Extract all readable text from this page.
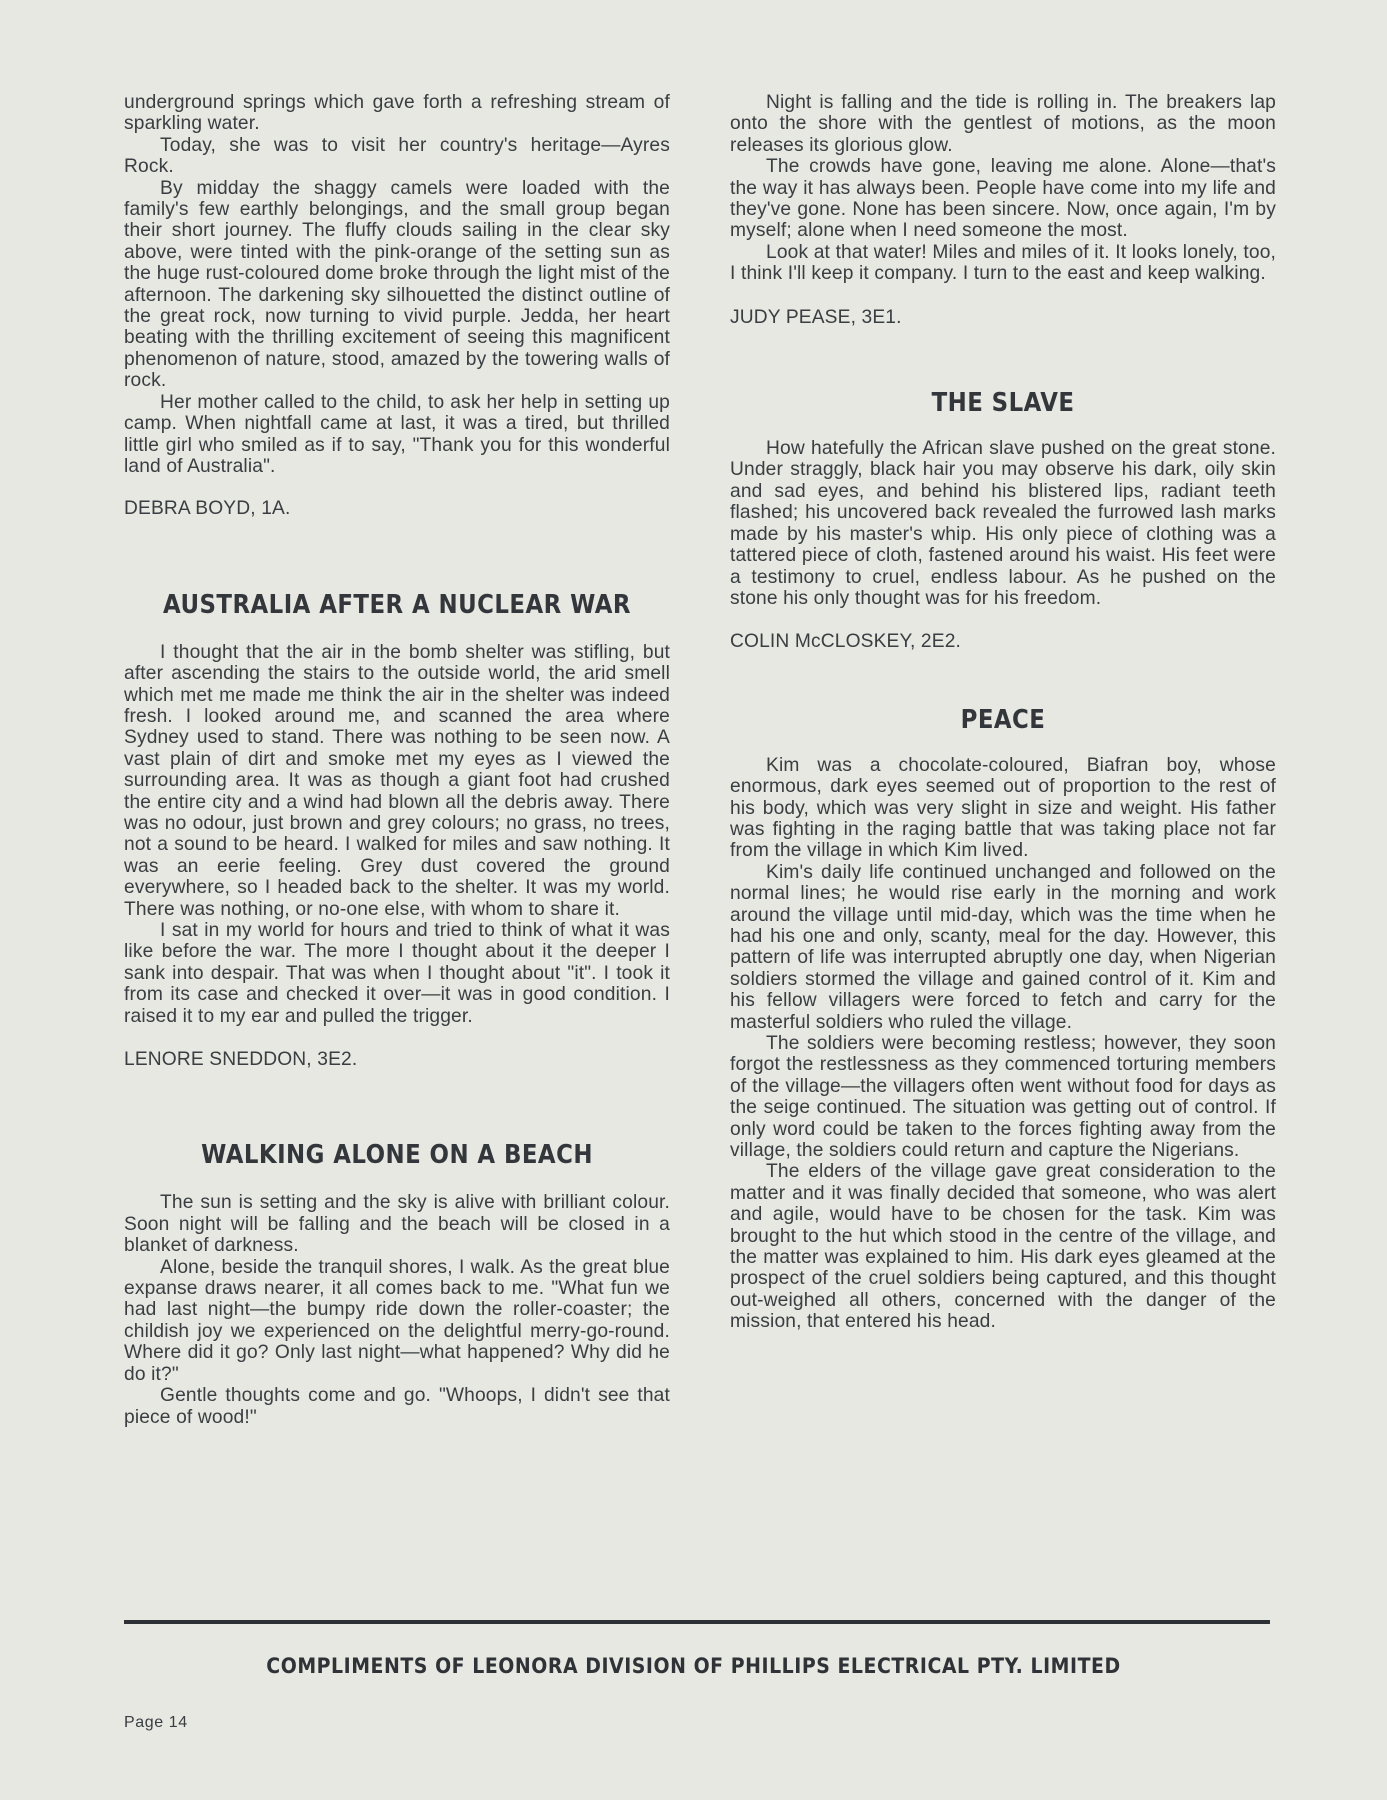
underground springs which gave forth a refreshing stream of sparkling water.

Today, she was to visit her country's heritage—Ayres Rock.

By midday the shaggy camels were loaded with the family's few earthly belongings, and the small group began their short journey. The fluffy clouds sailing in the clear sky above, were tinted with the pink-orange of the setting sun as the huge rust-coloured dome broke through the light mist of the afternoon. The darkening sky silhouetted the distinct outline of the great rock, now turning to vivid purple. Jedda, her heart beating with the thrilling excitement of seeing this magnificent phenomenon of nature, stood, amazed by the towering walls of rock.

Her mother called to the child, to ask her help in setting up camp. When nightfall came at last, it was a tired, but thrilled little girl who smiled as if to say, "Thank you for this wonderful land of Australia".

DEBRA BOYD, 1A.

AUSTRALIA AFTER A NUCLEAR WAR

I thought that the air in the bomb shelter was stifling, but after ascending the stairs to the outside world, the arid smell which met me made me think the air in the shelter was indeed fresh. I looked around me, and scanned the area where Sydney used to stand. There was nothing to be seen now. A vast plain of dirt and smoke met my eyes as I viewed the surrounding area. It was as though a giant foot had crushed the entire city and a wind had blown all the debris away. There was no odour, just brown and grey colours; no grass, no trees, not a sound to be heard. I walked for miles and saw nothing. It was an eerie feeling. Grey dust covered the ground everywhere, so I headed back to the shelter. It was my world. There was nothing, or no-one else, with whom to share it.

I sat in my world for hours and tried to think of what it was like before the war. The more I thought about it the deeper I sank into despair. That was when I thought about "it". I took it from its case and checked it over—it was in good condition. I raised it to my ear and pulled the trigger.

LENORE SNEDDON, 3E2.

WALKING ALONE ON A BEACH

The sun is setting and the sky is alive with brilliant colour. Soon night will be falling and the beach will be closed in a blanket of darkness.

Alone, beside the tranquil shores, I walk. As the great blue expanse draws nearer, it all comes back to me. "What fun we had last night—the bumpy ride down the roller-coaster; the childish joy we experienced on the delightful merry-go-round. Where did it go? Only last night—what happened? Why did he do it?"

Gentle thoughts come and go. "Whoops, I didn't see that piece of wood!"

Night is falling and the tide is rolling in. The breakers lap onto the shore with the gentlest of motions, as the moon releases its glorious glow.

The crowds have gone, leaving me alone. Alone—that's the way it has always been. People have come into my life and they've gone. None has been sincere. Now, once again, I'm by myself; alone when I need someone the most.

Look at that water! Miles and miles of it. It looks lonely, too, I think I'll keep it company. I turn to the east and keep walking.

JUDY PEASE, 3E1.

THE SLAVE

How hatefully the African slave pushed on the great stone. Under straggly, black hair you may observe his dark, oily skin and sad eyes, and behind his blistered lips, radiant teeth flashed; his uncovered back revealed the furrowed lash marks made by his master's whip. His only piece of clothing was a tattered piece of cloth, fastened around his waist. His feet were a testimony to cruel, endless labour. As he pushed on the stone his only thought was for his freedom.

COLIN McCLOSKEY, 2E2.

PEACE

Kim was a chocolate-coloured, Biafran boy, whose enormous, dark eyes seemed out of proportion to the rest of his body, which was very slight in size and weight. His father was fighting in the raging battle that was taking place not far from the village in which Kim lived.

Kim's daily life continued unchanged and followed on the normal lines; he would rise early in the morning and work around the village until mid-day, which was the time when he had his one and only, scanty, meal for the day. However, this pattern of life was interrupted abruptly one day, when Nigerian soldiers stormed the village and gained control of it. Kim and his fellow villagers were forced to fetch and carry for the masterful soldiers who ruled the village.

The soldiers were becoming restless; however, they soon forgot the restlessness as they commenced torturing members of the village—the villagers often went without food for days as the seige continued. The situation was getting out of control. If only word could be taken to the forces fighting away from the village, the soldiers could return and capture the Nigerians.

The elders of the village gave great consideration to the matter and it was finally decided that someone, who was alert and agile, would have to be chosen for the task. Kim was brought to the hut which stood in the centre of the village, and the matter was explained to him. His dark eyes gleamed at the prospect of the cruel soldiers being captured, and this thought out-weighed all others, concerned with the danger of the mission, that entered his head.

COMPLIMENTS OF LEONORA DIVISION OF PHILLIPS ELECTRICAL PTY. LIMITED
Page 14
